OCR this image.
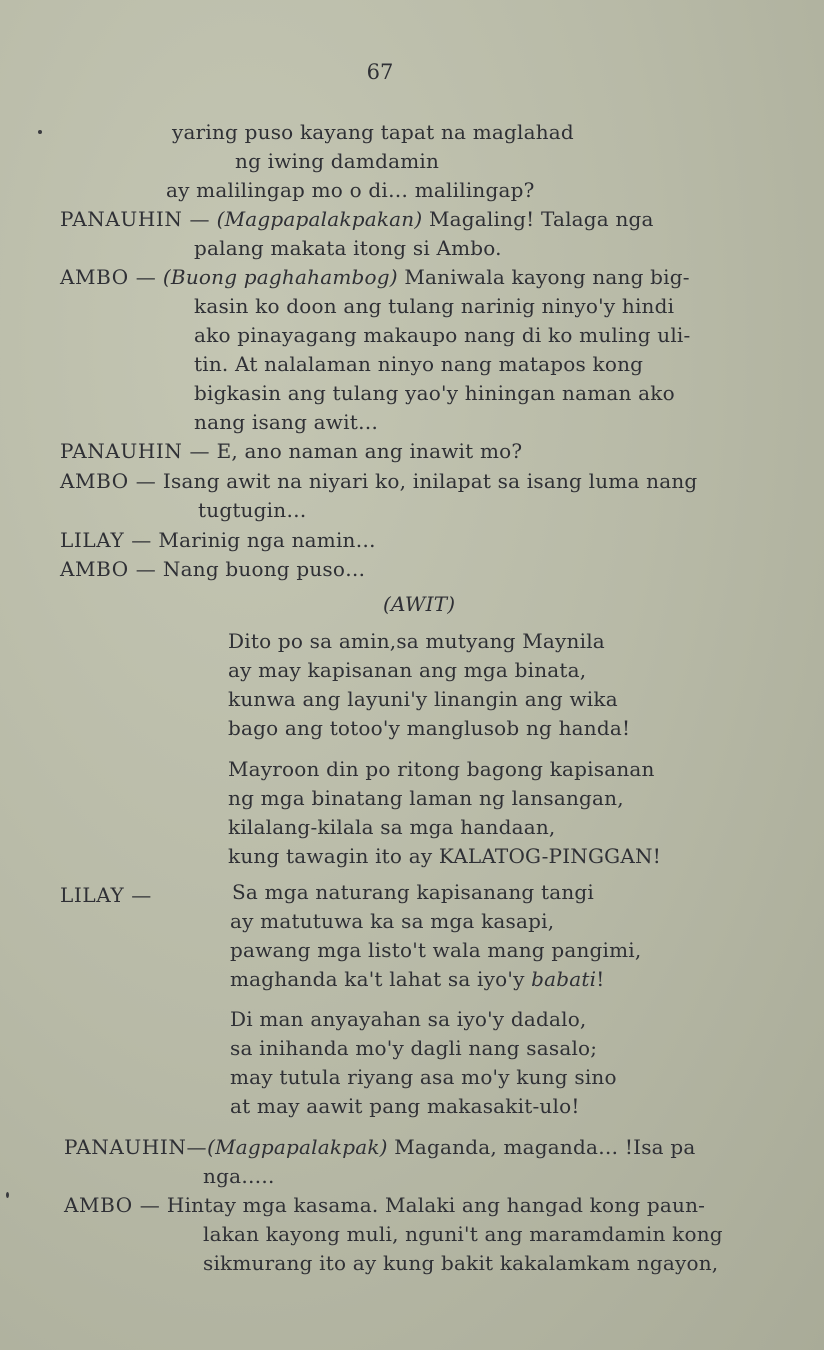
67
yaring puso kayang tapat na maglahad
ng iwing damdamin
ay malilingap mo o di… malilingap?
PANAUHIN — (Magpapalakpakan) Magaling! Talaga nga
palang makata itong si Ambo.
AMBO — (Buong paghahambog) Maniwala kayong nang big-
kasin ko doon ang tulang narinig ninyo'y hindi
ako pinayagang makaupo nang di ko muling uli-
tin. At nalalaman ninyo nang matapos kong
bigkasin ang tulang yao'y hiningan naman ako
nang isang awit…
PANAUHIN — E, ano naman ang inawit mo?
AMBO — Isang awit na niyari ko, inilapat sa isang luma nang
tugtugin…
LILAY — Marinig nga namin…
AMBO — Nang buong puso…
(AWIT)
Dito po sa amin,sa mutyang Maynila
ay may kapisanan ang mga binata,
kunwa ang layuni'y linangin ang wika
bago ang totoo'y manglusob ng handa!
Mayroon din po ritong bagong kapisanan
ng mga binatang laman ng lansangan,
kilalang-kilala sa mga handaan,
kung tawagin ito ay KALATOG-PINGGAN!
LILAY —	Sa mga naturang kapisanang tangi
ay matutuwa ka sa mga kasapi,
pawang mga listo't wala mang pangimi,
maghanda ka't lahat sa iyo'y babati!
Di man anyayahan sa iyo'y dadalo,
sa inihanda mo'y dagli nang sasalo;
may tutula riyang asa mo'y kung sino
at may aawit pang makasakit-ulo!
PANAUHIN—(Magpapalakpak) Maganda, maganda… !Isa pa
nga…..
AMBO — Hintay mga kasama. Malaki ang hangad kong paun-
lakan kayong muli, nguni't ang maramdamin kong
sikmurang ito ay kung bakit kakalamkam ngayon,
